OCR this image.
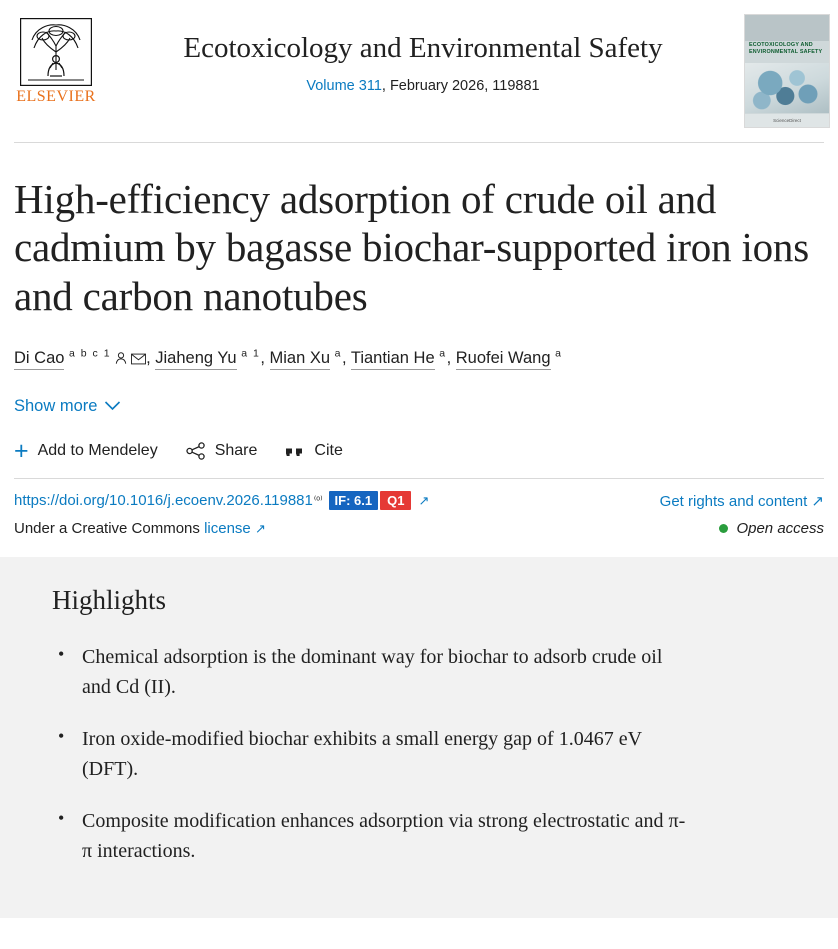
ELSEVIER
Ecotoxicology and Environmental Safety
Volume 311, February 2026, 119881
ECOTOXICOLOGY AND ENVIRONMENTAL SAFETY
ScienceDirect
High-efficiency adsorption of crude oil and cadmium by bagasse biochar-supported iron ions and carbon nanotubes
Di Cao $^{a b c 1}$ , Jiaheng Yu $^{a 1}$, Mian Xu $^a$, Tiantian He $^a$, Ruofei Wang $^a$
Show more
+ Add to Mendeley	Share	Cite
https://doi.org/10.1016/j.ecoenv.2026.119881 ⁽ᵒ⁾ IF: 6.1	Q1	↗	Get rights and content ↗
Under a Creative Commons license ↗	Open access
Highlights
• Chemical adsorption is the dominant way for biochar to adsorb crude oil and Cd (II).
• Iron oxide-modified biochar exhibits a small energy gap of 1.0467 eV (DFT).
• Composite modification enhances adsorption via strong electrostatic and π-π interactions.
